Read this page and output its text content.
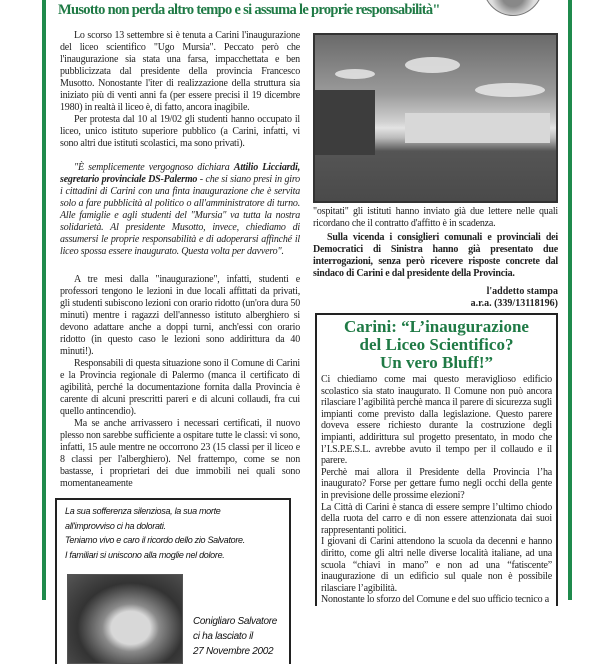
Musotto non perda altro tempo e si assuma le proprie responsabilità"

Lo scorso 13 settembre si è tenuta a Carini l'inaugurazione del liceo scientifico "Ugo Mursia". Peccato però che l'inaugurazione sia stata una farsa, impacchettata e ben pubblicizzata dal presidente della provincia Francesco Musotto. Nonostante l'iter di realizzazione della struttura sia iniziato più di venti anni fa (per essere precisi il 19 dicembre 1980) in realtà il liceo è, di fatto, ancora inagibile.

Per protesta dal 10 al 19/02 gli studenti hanno occupato il liceo, unico istituto superiore pubblico (a Carini, infatti, vi sono altri due istituti scolastici, ma sono privati).

"È semplicemente vergognoso dichiara Attilio Licciardi, segretario provinciale DS-Palermo - che si siano presi in giro i cittadini di Carini con una finta inaugurazione che è servita solo a fare pubblicità al politico o all'amministratore di turno. Alle famiglie e agli studenti del "Mursia" va tutta la nostra solidarietà. Al presidente Musotto, invece, chiediamo di assumersi le proprie responsabilità e di adoperarsi affinché il liceo spossa essere inaugurato. Questa volta per davvero".

A tre mesi dalla "inaugurazione", infatti, studenti e professori tengono le lezioni in due locali affittati da privati, gli studenti subiscono lezioni con orario ridotto (un'ora dura 50 minuti) mentre i ragazzi dell'annesso istituto alberghiero si devono adattare anche a doppi turni, anch'essi con orario ridotto (in questo caso le lezioni sono addirittura da 40 minuti!).

Responsabili di questa situazione sono il Comune di Carini e la Provincia regionale di Palermo (manca il certificato di agibilità, perché la documentazione fornita dalla Provincia è carente di alcuni prescritti pareri e di alcuni collaudi, fra cui quello antincendio).

Ma se anche arrivassero i necessari certificati, il nuovo plesso non sarebbe sufficiente a ospitare tutte le classi: vi sono, infatti, 15 aule mentre ne occorrono 23 (15 classi per il liceo e 8 classi per l'alberghiero). Nel frattempo, come se non bastasse, i proprietari dei due immobili nei quali sono momentaneamente

La sua sofferenza silenziosa, la sua morte
all'improvviso ci ha dolorati.
Teniamo vivo e caro il ricordo dello zio Salvatore.
I familiari si uniscono alla moglie nel dolore.
Conigliaro Salvatore
ci ha lasciato il
27 Novembre 2002

"ospitati" gli istituti hanno inviato già due lettere nelle quali ricordano che il contratto d'affitto è in scadenza.

Sulla vicenda i consiglieri comunali e provinciali dei Democratici di Sinistra hanno già presentato due interrogazioni, senza però ricevere risposte concrete dal sindaco di Carini e dal presidente della Provincia.

l'addetto stampa
a.r.a. (339/13118196)
Carini: “L’inaugurazione
del Liceo Scientifico?
Un vero Bluff!”

Ci chiediamo come mai questo meraviglioso edificio scolastico sia stato inaugurato. Il Comune non può ancora rilasciare l’agibilità perchè manca il parere di sicurezza sugli impianti come previsto dalla legislazione. Questo parere doveva essere richiesto durante la costruzione degli impianti, addirittura sul progetto presentato, in modo che l’I.S.P.E.S.L. avrebbe avuto il tempo per il collaudo e il parere.

Perchè mai allora il Presidente della Provincia l’ha inaugurato? Forse per gettare fumo negli occhi della gente in previsione delle prossime elezioni?

La Città di Carini è stanca di essere sempre l’ultimo chiodo della ruota del carro e di non essere attenzionata dai suoi rappresentanti politici.

I giovani di Carini attendono la scuola da decenni e hanno diritto, come gli altri nelle diverse località italiane, ad una scuola “chiavi in mano” e non ad una “fatiscente” inaugurazione di un edificio sul quale non è possibile rilasciare l’agibilità.

Nonostante lo sforzo del Comune e del suo ufficio tecnico a
